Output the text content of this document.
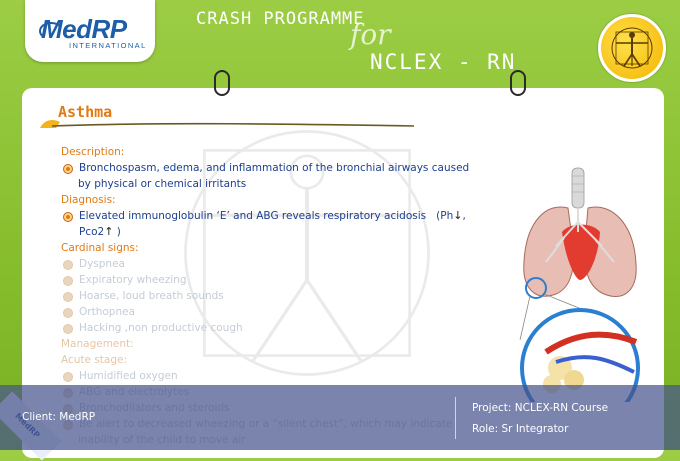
MedRP
INTERNATIONAL
CRASH PROGRAMME
for
NCLEX - RN
Asthma
Description:
Bronchospasm, edema, and inflammation of the bronchial airways caused
by physical or chemical irritants
Diagnosis:
Elevated immunoglobulin ‘E’ and ABG reveals respiratory acidosis (Ph↓, Pco2↑ )
Cardinal signs:
Dyspnea
Expiratory wheezing
Hoarse, loud breath sounds
Orthopnea
Hacking ,non productive cough
Management:
Acute stage:
Humidified oxygen
Client: MedRP
Project: NCLEX-RN Course
Role: Sr Integrator
